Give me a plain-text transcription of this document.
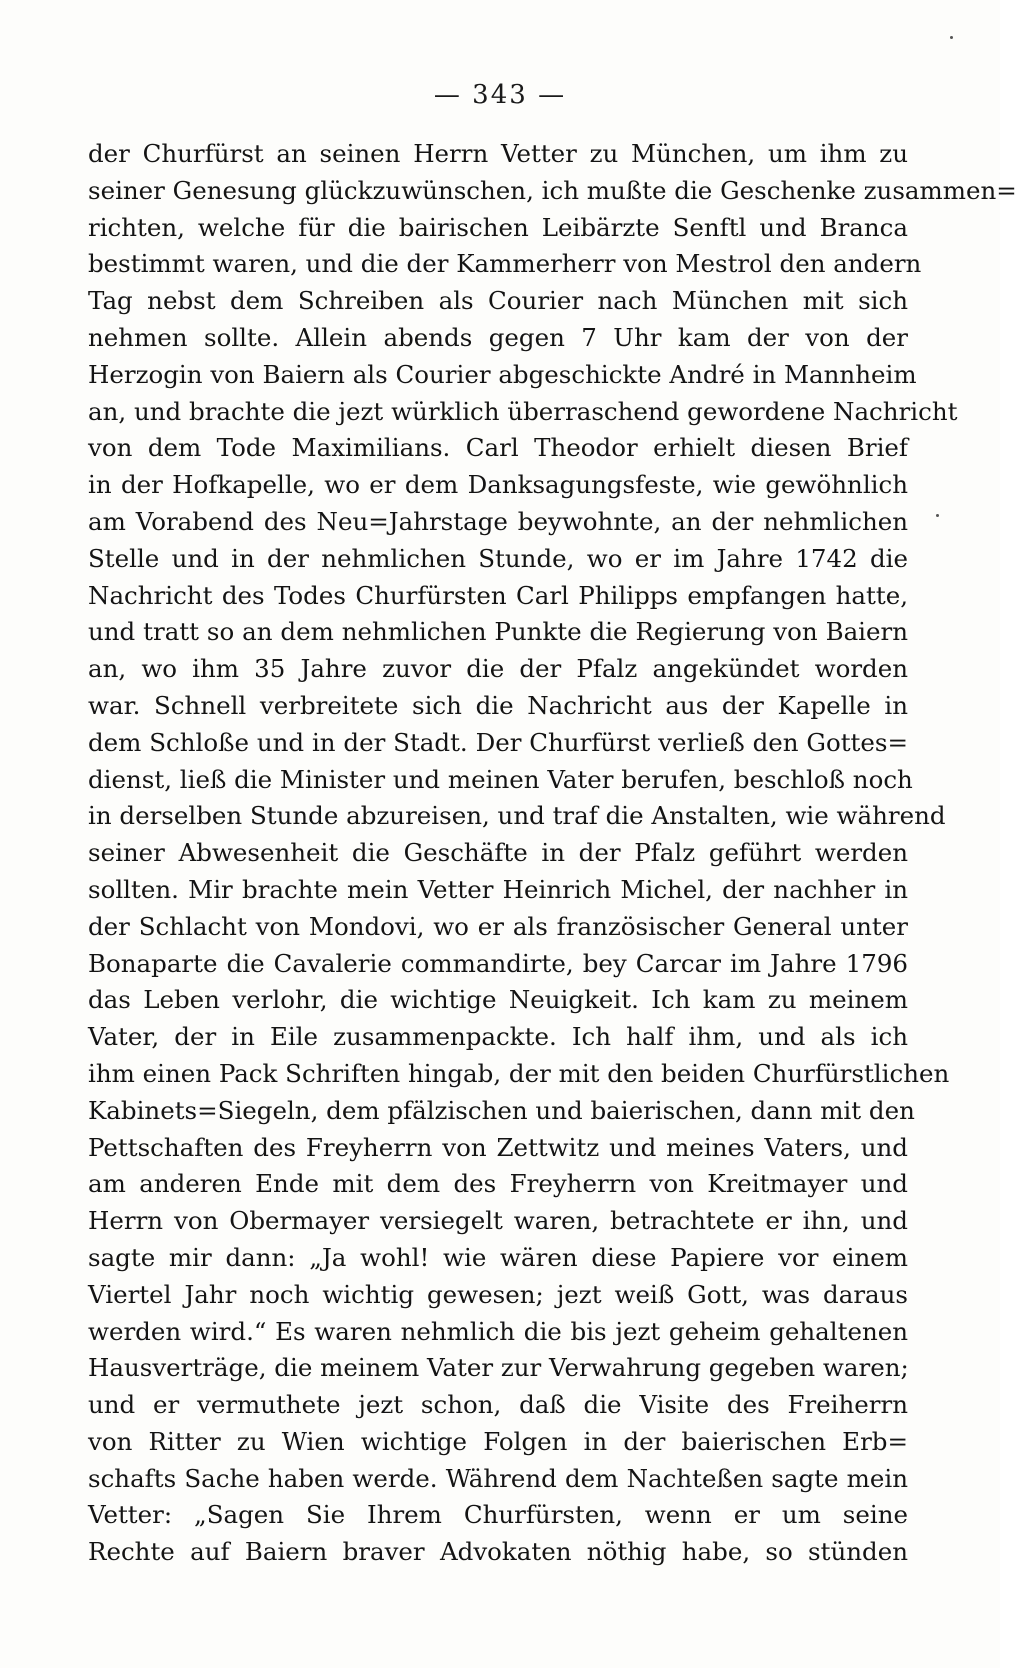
— 343 —
der Churfürst an seinen Herrn Vetter zu München, um ihm zu
seiner Genesung glückzuwünschen, ich mußte die Geschenke zusammen=
richten, welche für die bairischen Leibärzte Senftl und Branca
bestimmt waren, und die der Kammerherr von Mestrol den andern
Tag nebst dem Schreiben als Courier nach München mit sich
nehmen sollte. Allein abends gegen 7 Uhr kam der von der
Herzogin von Baiern als Courier abgeschickte André in Mannheim
an, und brachte die jezt würklich überraschend gewordene Nachricht
von dem Tode Maximilians. Carl Theodor erhielt diesen Brief
in der Hofkapelle, wo er dem Danksagungsfeste, wie gewöhnlich
am Vorabend des Neu=Jahrstage beywohnte, an der nehmlichen
Stelle und in der nehmlichen Stunde, wo er im Jahre 1742 die
Nachricht des Todes Churfürsten Carl Philipps empfangen hatte,
und tratt so an dem nehmlichen Punkte die Regierung von Baiern
an, wo ihm 35 Jahre zuvor die der Pfalz angekündet worden
war. Schnell verbreitete sich die Nachricht aus der Kapelle in
dem Schloße und in der Stadt. Der Churfürst verließ den Gottes=
dienst, ließ die Minister und meinen Vater berufen, beschloß noch
in derselben Stunde abzureisen, und traf die Anstalten, wie während
seiner Abwesenheit die Geschäfte in der Pfalz geführt werden
sollten. Mir brachte mein Vetter Heinrich Michel, der nachher in
der Schlacht von Mondovi, wo er als französischer General unter
Bonaparte die Cavalerie commandirte, bey Carcar im Jahre 1796
das Leben verlohr, die wichtige Neuigkeit. Ich kam zu meinem
Vater, der in Eile zusammenpackte. Ich half ihm, und als ich
ihm einen Pack Schriften hingab, der mit den beiden Churfürstlichen
Kabinets=Siegeln, dem pfälzischen und baierischen, dann mit den
Pettschaften des Freyherrn von Zettwitz und meines Vaters, und
am anderen Ende mit dem des Freyherrn von Kreitmayer und
Herrn von Obermayer versiegelt waren, betrachtete er ihn, und
sagte mir dann: „Ja wohl! wie wären diese Papiere vor einem
Viertel Jahr noch wichtig gewesen; jezt weiß Gott, was daraus
werden wird.“ Es waren nehmlich die bis jezt geheim gehaltenen
Hausverträge, die meinem Vater zur Verwahrung gegeben waren;
und er vermuthete jezt schon, daß die Visite des Freiherrn
von Ritter zu Wien wichtige Folgen in der baierischen Erb=
schafts Sache haben werde. Während dem Nachteßen sagte mein
Vetter: „Sagen Sie Ihrem Churfürsten, wenn er um seine
Rechte auf Baiern braver Advokaten nöthig habe, so stünden
